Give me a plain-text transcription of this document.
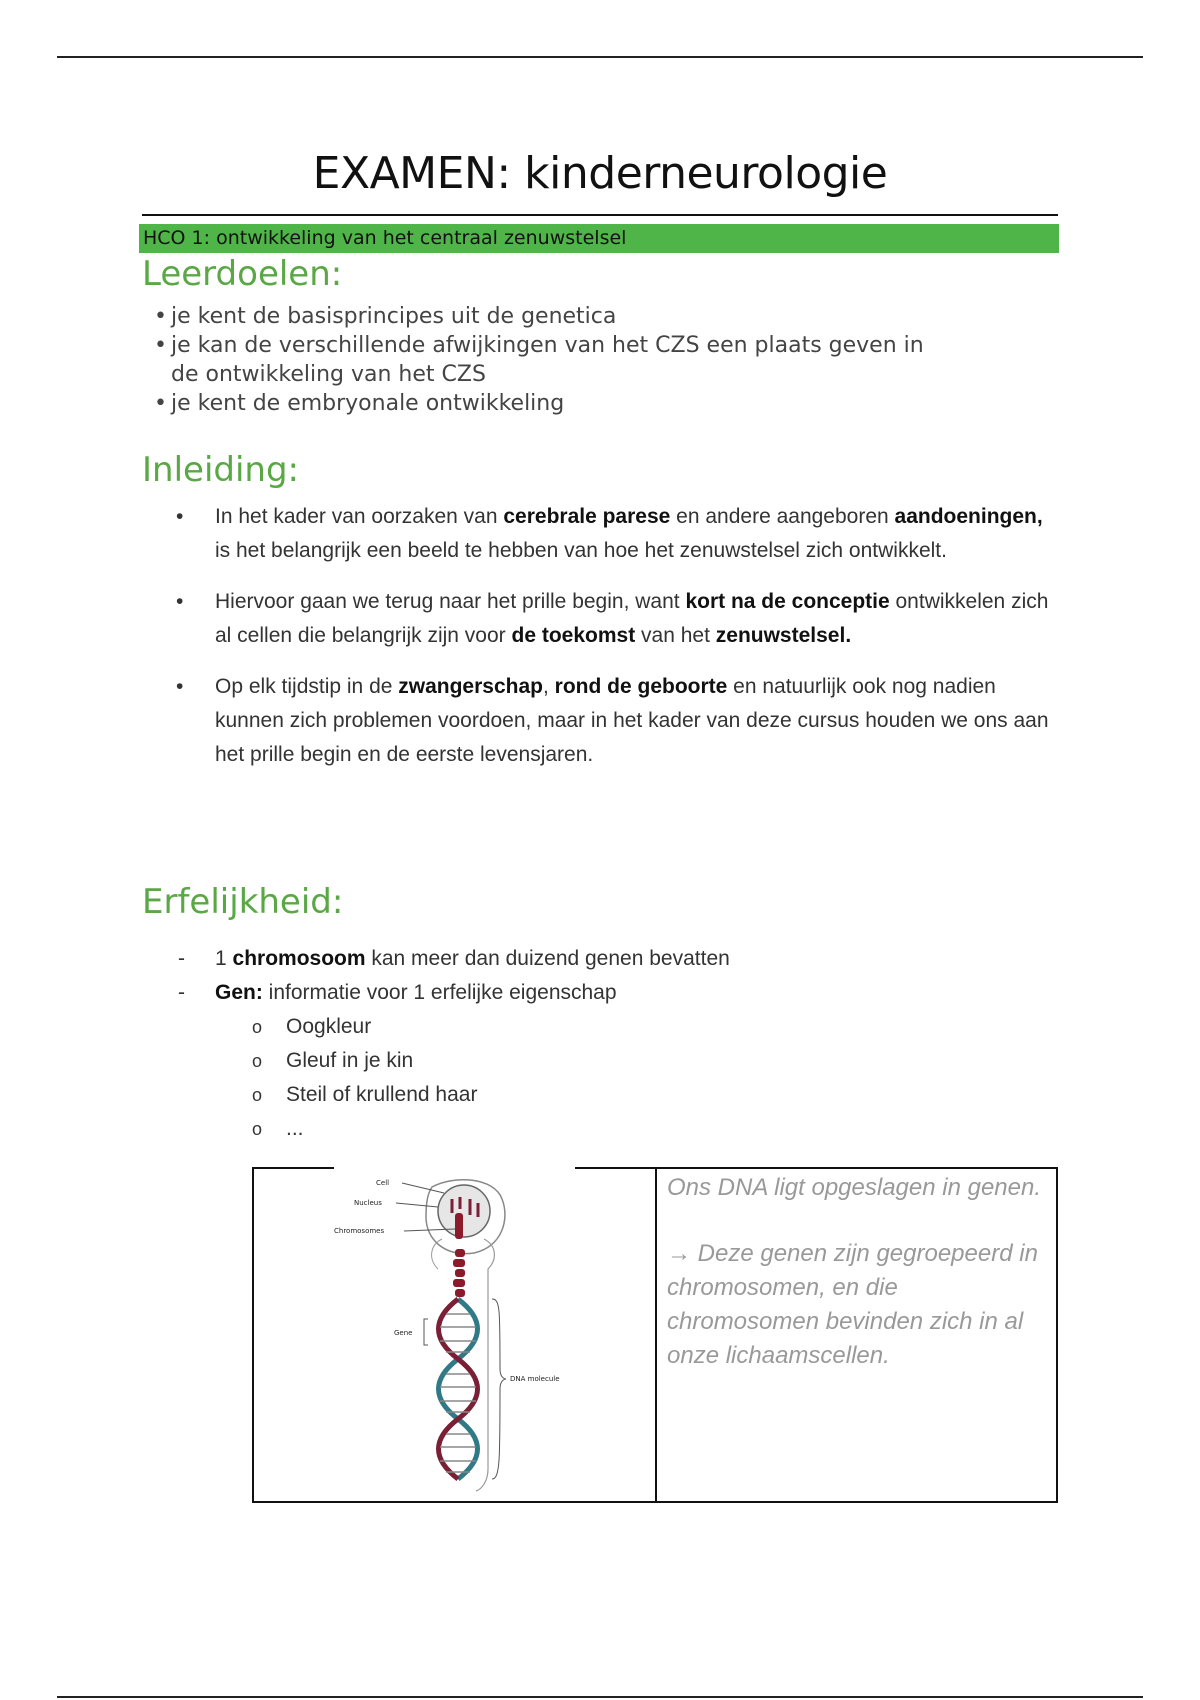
EXAMEN: kinderneurologie
HCO 1: ontwikkeling van het centraal zenuwstelsel
Leerdoelen:
• je kent de basisprincipes uit de genetica
• je kan de verschillende afwijkingen van het CZS een plaats geven in de ontwikkeling van het CZS
• je kent de embryonale ontwikkeling
Inleiding:
• In het kader van oorzaken van cerebrale parese en andere aangeboren aandoeningen, is het belangrijk een beeld te hebben van hoe het zenuwstelsel zich ontwikkelt.
• Hiervoor gaan we terug naar het prille begin, want kort na de conceptie ontwikkelen zich al cellen die belangrijk zijn voor de toekomst van het zenuwstelsel.
• Op elk tijdstip in de zwangerschap, rond de geboorte en natuurlijk ook nog nadien kunnen zich problemen voordoen, maar in het kader van deze cursus houden we ons aan het prille begin en de eerste levensjaren.
Erfelijkheid:
- 1 chromosoom kan meer dan duizend genen bevatten
- Gen: informatie voor 1 erfelijke eigenschap
o Oogkleur
o Gleuf in je kin
o Steil of krullend haar
o ...
Cell
Nucleus
Chromosomes
Gene
DNA molecule

Ons DNA ligt opgeslagen in genen.

→ Deze genen zijn gegroepeerd in chromosomen, en die chromosomen bevinden zich in al onze lichaamscellen.
